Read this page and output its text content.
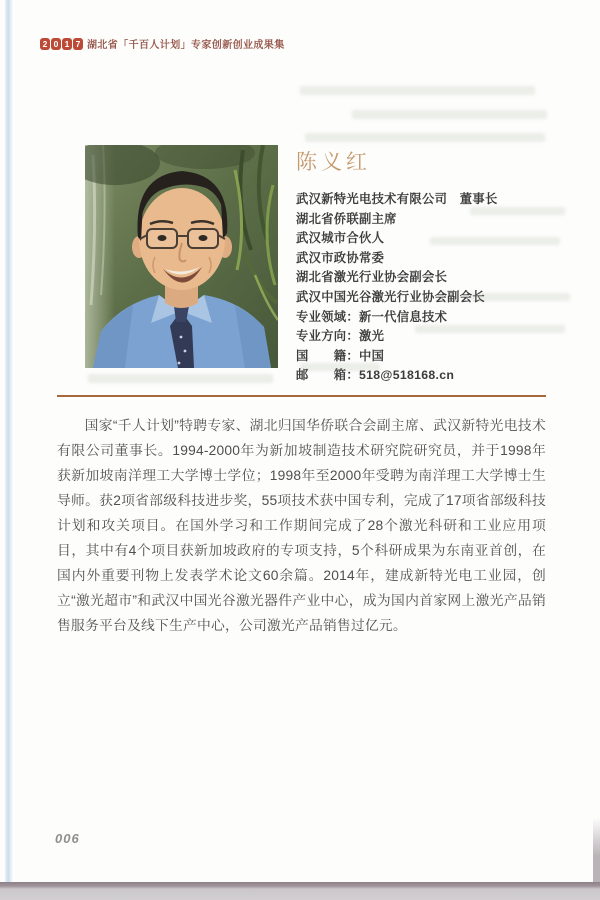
2 0 1 7 湖北省「千百人计划」专家创新创业成果集
陈义红
武汉新特光电技术有限公司　董事长
湖北省侨联副主席
武汉城市合伙人
武汉市政协常委
湖北省激光行业协会副会长
武汉中国光谷激光行业协会副会长
专业领域：新一代信息技术
专业方向：激光
国　　籍：中国
邮　　箱：518@518168.cn

国家“千人计划”特聘专家、湖北归国华侨联合会副主席、武汉新特光电技术有限公司董事长。1994-2000年为新加坡制造技术研究院研究员，并于1998年获新加坡南洋理工大学博士学位；1998年至2000年受聘为南洋理工大学博士生导师。获2项省部级科技进步奖，55项技术获中国专利，完成了17项省部级科技计划和攻关项目。在国外学习和工作期间完成了28个激光科研和工业应用项目，其中有4个项目获新加坡政府的专项支持，5个科研成果为东南亚首创，在国内外重要刊物上发表学术论文60余篇。2014年，建成新特光电工业园，创立“激光超市”和武汉中国光谷激光器件产业中心，成为国内首家网上激光产品销售服务平台及线下生产中心，公司激光产品销售过亿元。

006
